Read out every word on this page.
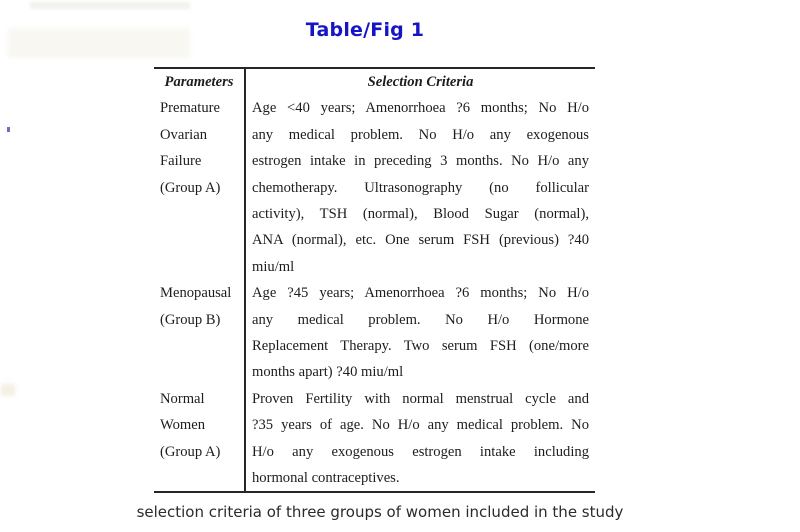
Table/Fig 1
Parameters	Selection Criteria
Premature
Ovarian
Failure
(Group A)
Age <40 years; Amenorrhoea ?6 months; No H/o
any medical problem. No H/o any exogenous
estrogen intake in preceding 3 months. No H/o any
chemotherapy. Ultrasonography (no follicular
activity), TSH (normal), Blood Sugar (normal),
ANA (normal), etc. One serum FSH (previous) ?40
miu/ml
Menopausal
(Group B)
Age ?45 years; Amenorrhoea ?6 months; No H/o
any medical problem. No H/o Hormone
Replacement Therapy. Two serum FSH (one/more
months apart) ?40 miu/ml
Normal
Women
(Group A)
Proven Fertility with normal menstrual cycle and
?35 years of age. No H/o any medical problem. No
H/o any exogenous estrogen intake including
hormonal contraceptives.
selection criteria of three groups of women included in the study
